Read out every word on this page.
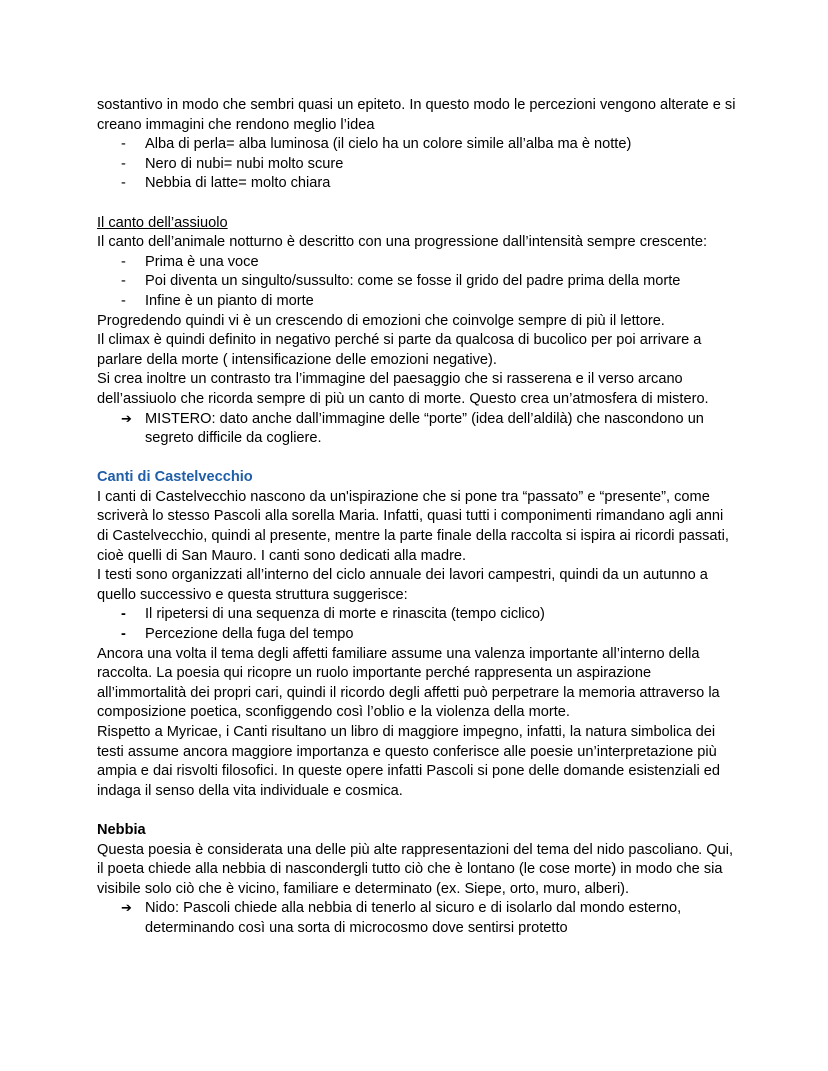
sostantivo in modo che sembri quasi un epiteto. In questo modo le percezioni vengono alterate e si creano immagini che rendono meglio l’idea

- Alba di perla= alba luminosa (il cielo ha un colore simile all’alba ma è notte)
- Nero di nubi= nubi molto scure
- Nebbia di latte= molto chiara

Il canto dell’assiuolo

Il canto dell’animale notturno è descritto con una progressione dall’intensità sempre crescente:

- Prima è una voce
- Poi diventa un singulto/sussulto: come se fosse il grido del padre prima della morte
- Infine è un pianto di morte

Progredendo quindi vi è un crescendo di emozioni che coinvolge sempre di più il lettore.

Il climax è quindi definito in negativo perché si parte da qualcosa di bucolico per poi arrivare a parlare della morte ( intensificazione delle emozioni negative).

Si crea inoltre un contrasto tra l’immagine del paesaggio che si rasserena e il verso arcano dell’assiuolo che ricorda sempre di più un canto di morte. Questo crea un’atmosfera di mistero.

➔ MISTERO: dato anche dall’immagine delle “porte” (idea dell’aldilà) che nascondono un segreto difficile da cogliere.

Canti di Castelvecchio

I canti di Castelvecchio nascono da un'ispirazione che si pone tra “passato” e “presente”, come scriverà lo stesso Pascoli alla sorella Maria. Infatti, quasi tutti i componimenti rimandano agli anni di Castelvecchio, quindi al presente, mentre la parte finale della raccolta si ispira ai ricordi passati, cioè quelli di San Mauro. I canti sono dedicati alla madre.

I testi sono organizzati all’interno del ciclo annuale dei lavori campestri, quindi da un autunno a quello successivo e questa struttura suggerisce:

- Il ripetersi di una sequenza di morte e rinascita (tempo ciclico)
- Percezione della fuga del tempo

Ancora una volta il tema degli affetti familiare assume una valenza importante all’interno della raccolta. La poesia qui ricopre un ruolo importante perché rappresenta un aspirazione all’immortalità dei propri cari, quindi il ricordo degli affetti può perpetrare la memoria attraverso la composizione poetica, sconfiggendo così l’oblio e la violenza della morte.

Rispetto a Myricae, i Canti risultano un libro di maggiore impegno, infatti, la natura simbolica dei testi assume ancora maggiore importanza e questo conferisce alle poesie un’interpretazione più ampia e dai risvolti filosofici. In queste opere infatti Pascoli si pone delle domande esistenziali ed indaga il senso della vita individuale e cosmica.

Nebbia

Questa poesia è considerata una delle più alte rappresentazioni del tema del nido pascoliano. Qui, il poeta chiede alla nebbia di nascondergli tutto ciò che è lontano (le cose morte) in modo che sia visibile solo ciò che è vicino, familiare e determinato (ex. Siepe, orto, muro, alberi).

➔ Nido: Pascoli chiede alla nebbia di tenerlo al sicuro e di isolarlo dal mondo esterno, determinando così una sorta di microcosmo dove sentirsi protetto
